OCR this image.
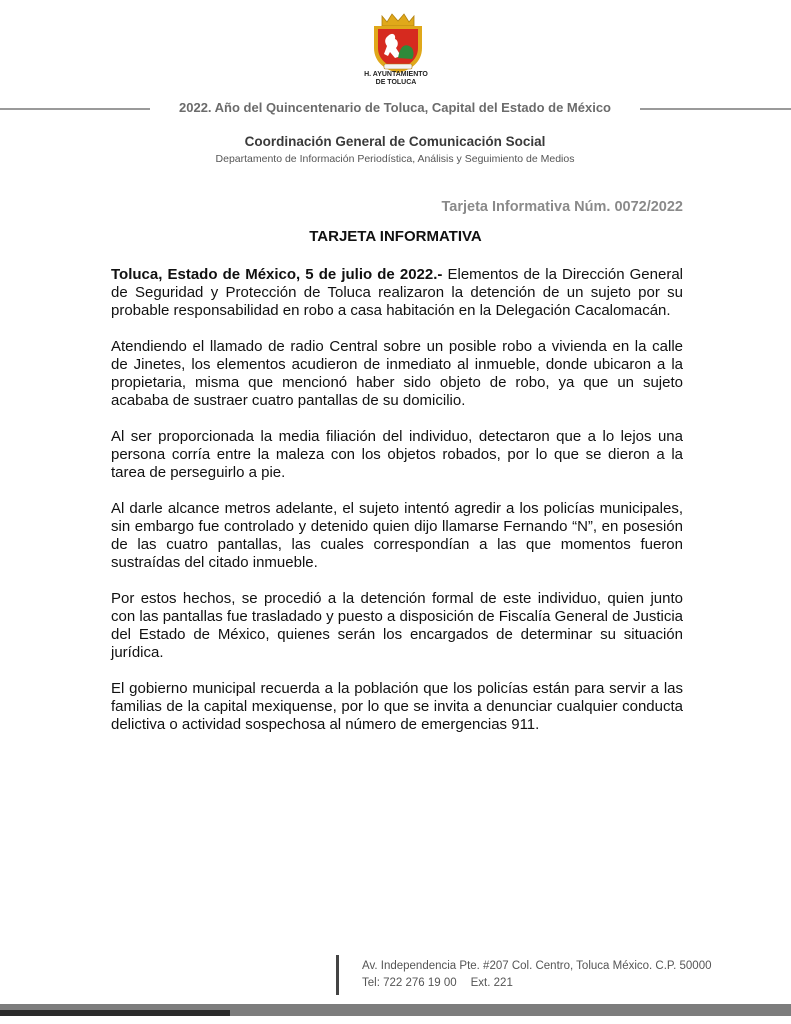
H. AYUNTAMIENTO
DE TOLUCA
2022. Año del Quincentenario de Toluca, Capital del Estado de México
Coordinación General de Comunicación Social
Departamento de Información Periodística, Análisis y Seguimiento de Medios
Tarjeta Informativa Núm. 0072/2022
TARJETA INFORMATIVA

Toluca, Estado de México, 5 de julio de 2022.- Elementos de la Dirección General de Seguridad y Protección de Toluca realizaron la detención de un sujeto por su probable responsabilidad en robo a casa habitación en la Delegación Cacalomacán.

Atendiendo el llamado de radio Central sobre un posible robo a vivienda en la calle de Jinetes, los elementos acudieron de inmediato al inmueble, donde ubicaron a la propietaria, misma que mencionó haber sido objeto de robo, ya que un sujeto acababa de sustraer cuatro pantallas de su domicilio.

Al ser proporcionada la media filiación del individuo, detectaron que a lo lejos una persona corría entre la maleza con los objetos robados, por lo que se dieron a la tarea de perseguirlo a pie.

Al darle alcance metros adelante, el sujeto intentó agredir a los policías municipales, sin embargo fue controlado y detenido quien dijo llamarse Fernando “N”, en posesión de las cuatro pantallas, las cuales correspondían a las que momentos fueron sustraídas del citado inmueble.

Por estos hechos, se procedió a la detención formal de este individuo, quien junto con las pantallas fue trasladado y puesto a disposición de Fiscalía General de Justicia del Estado de México, quienes serán los encargados de determinar su situación jurídica.

El gobierno municipal recuerda a la población que los policías están para servir a las familias de la capital mexiquense, por lo que se invita a denunciar cualquier conducta delictiva o actividad sospechosa al número de emergencias 911.

Av. Independencia Pte. #207 Col. Centro, Toluca México. C.P. 50000
Tel: 722 276 19 00 Ext. 221
